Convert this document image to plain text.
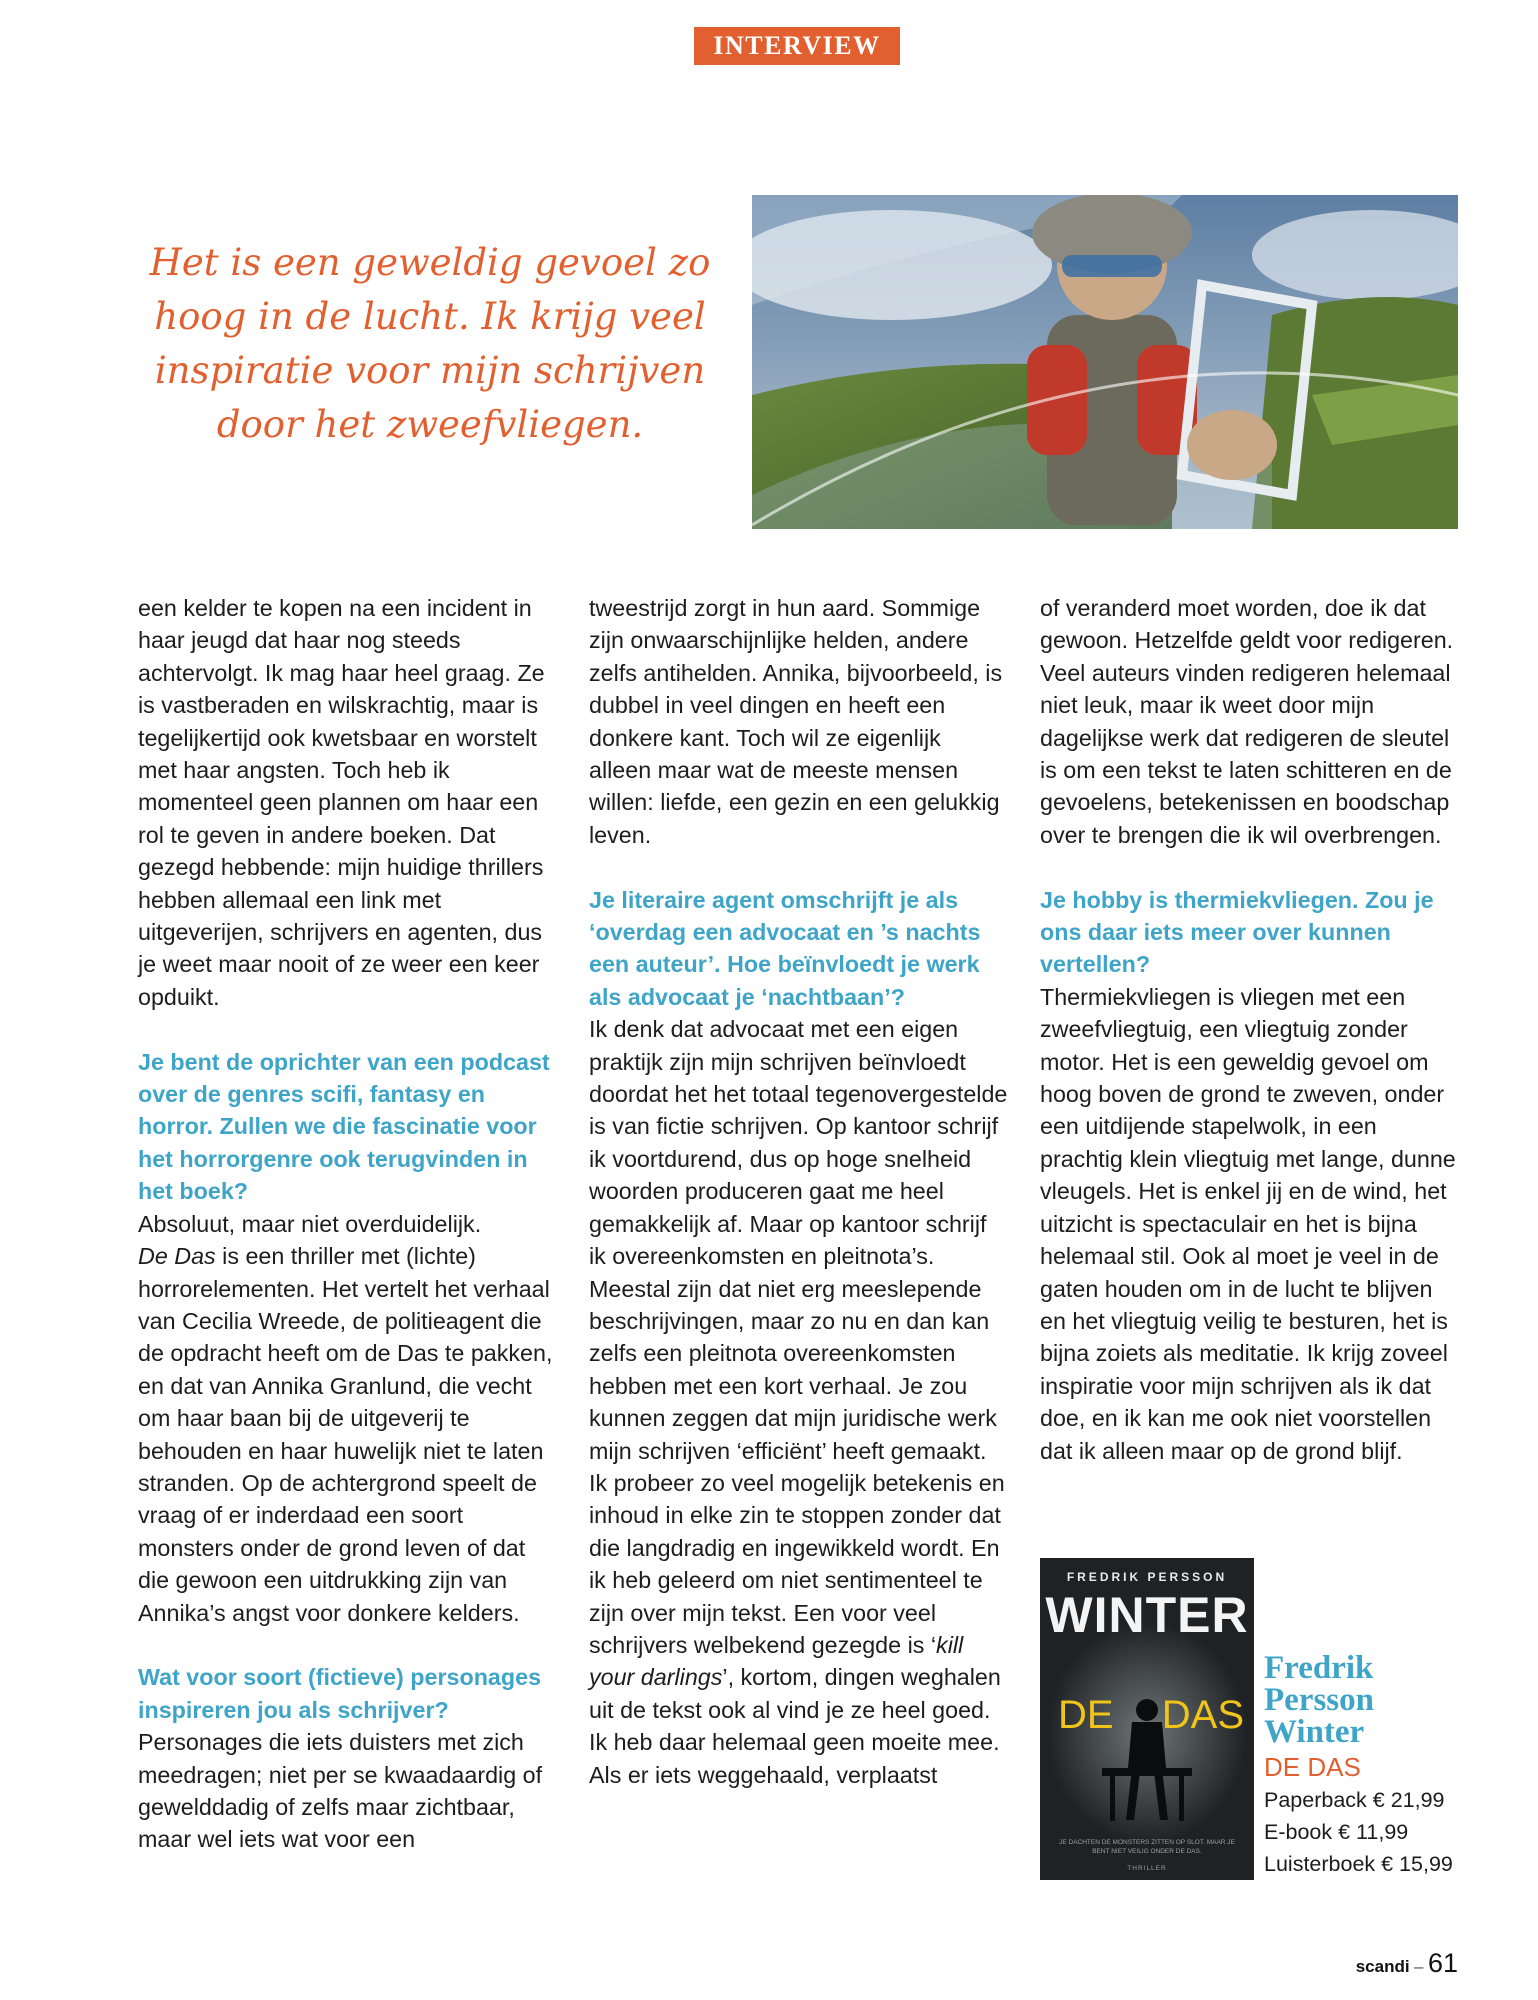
INTERVIEW
Het is een geweldig gevoel zo
hoog in de lucht. Ik krijg veel
inspiratie voor mijn schrijven
door het zweefvliegen.

een kelder te kopen na een incident in haar jeugd dat haar nog steeds achtervolgt. Ik mag haar heel graag. Ze is vastberaden en wilskrachtig, maar is tegelijkertijd ook kwetsbaar en worstelt met haar angsten. Toch heb ik momenteel geen plannen om haar een rol te geven in andere boeken. Dat gezegd hebbende: mijn huidige thrillers hebben allemaal een link met uitgeverijen, schrijvers en agenten, dus je weet maar nooit of ze weer een keer opduikt.

Je bent de oprichter van een podcast over de genres scifi, fantasy en horror. Zullen we die fascinatie voor het horrorgenre ook terugvinden in het boek?

Absoluut, maar niet overduidelijk.
De Das is een thriller met (lichte) horrorelementen. Het vertelt het verhaal van Cecilia Wreede, de politieagent die de opdracht heeft om de Das te pakken, en dat van Annika Granlund, die vecht om haar baan bij de uitgeverij te behouden en haar huwelijk niet te laten stranden. Op de achtergrond speelt de vraag of er inderdaad een soort monsters onder de grond leven of dat die gewoon een uitdrukking zijn van Annika’s angst voor donkere kelders.

Wat voor soort (fictieve) personages inspireren jou als schrijver?

Personages die iets duisters met zich meedragen; niet per se kwaadaardig of gewelddadig of zelfs maar zichtbaar, maar wel iets wat voor een

tweestrijd zorgt in hun aard. Sommige zijn onwaarschijnlijke helden, andere zelfs antihelden. Annika, bijvoorbeeld, is dubbel in veel dingen en heeft een donkere kant. Toch wil ze eigenlijk alleen maar wat de meeste mensen willen: liefde, een gezin en een gelukkig leven.

Je literaire agent omschrijft je als ‘overdag een advocaat en ’s nachts een auteur’. Hoe beïnvloedt je werk als advocaat je ‘nachtbaan’?

Ik denk dat advocaat met een eigen praktijk zijn mijn schrijven beïnvloedt doordat het het totaal tegenovergestelde is van fictie schrijven. Op kantoor schrijf ik voortdurend, dus op hoge snelheid woorden produceren gaat me heel gemakkelijk af. Maar op kantoor schrijf ik overeenkomsten en pleitnota’s. Meestal zijn dat niet erg meeslepende beschrijvingen, maar zo nu en dan kan zelfs een pleitnota overeenkomsten hebben met een kort verhaal. Je zou kunnen zeggen dat mijn juridische werk mijn schrijven ‘efficiënt’ heeft gemaakt. Ik probeer zo veel mogelijk betekenis en inhoud in elke zin te stoppen zonder dat die langdradig en ingewikkeld wordt. En ik heb geleerd om niet sentimenteel te zijn over mijn tekst. Een voor veel schrijvers welbekend gezegde is ‘kill your darlings’, kortom, dingen weghalen uit de tekst ook al vind je ze heel goed. Ik heb daar helemaal geen moeite mee. Als er iets weggehaald, verplaatst

of veranderd moet worden, doe ik dat gewoon. Hetzelfde geldt voor redigeren. Veel auteurs vinden redigeren helemaal niet leuk, maar ik weet door mijn dagelijkse werk dat redigeren de sleutel is om een tekst te laten schitteren en de gevoelens, betekenissen en boodschap over te brengen die ik wil overbrengen.

Je hobby is thermiekvliegen. Zou je ons daar iets meer over kunnen vertellen?

Thermiekvliegen is vliegen met een zweefvliegtuig, een vliegtuig zonder motor. Het is een geweldig gevoel om hoog boven de grond te zweven, onder een uitdijende stapelwolk, in een prachtig klein vliegtuig met lange, dunne vleugels. Het is enkel jij en de wind, het uitzicht is spectaculair en het is bijna helemaal stil. Ook al moet je veel in de gaten houden om in de lucht te blijven en het vliegtuig veilig te besturen, het is bijna zoiets als meditatie. Ik krijg zoveel inspiratie voor mijn schrijven als ik dat doe, en ik kan me ook niet voorstellen dat ik alleen maar op de grond blijf.

FREDRIK PERSSON
WINTER
DE DAS
JE DACHTEN DE MONSTERS ZITTEN OP SLOT. MAAR JE BENT NIET VEILIG ONDER DE DAS.
THRILLER
Fredrik
Persson
Winter
DE DAS
Paperback € 21,99
E-book € 11,99
Luisterboek € 15,99
scandi – 61
